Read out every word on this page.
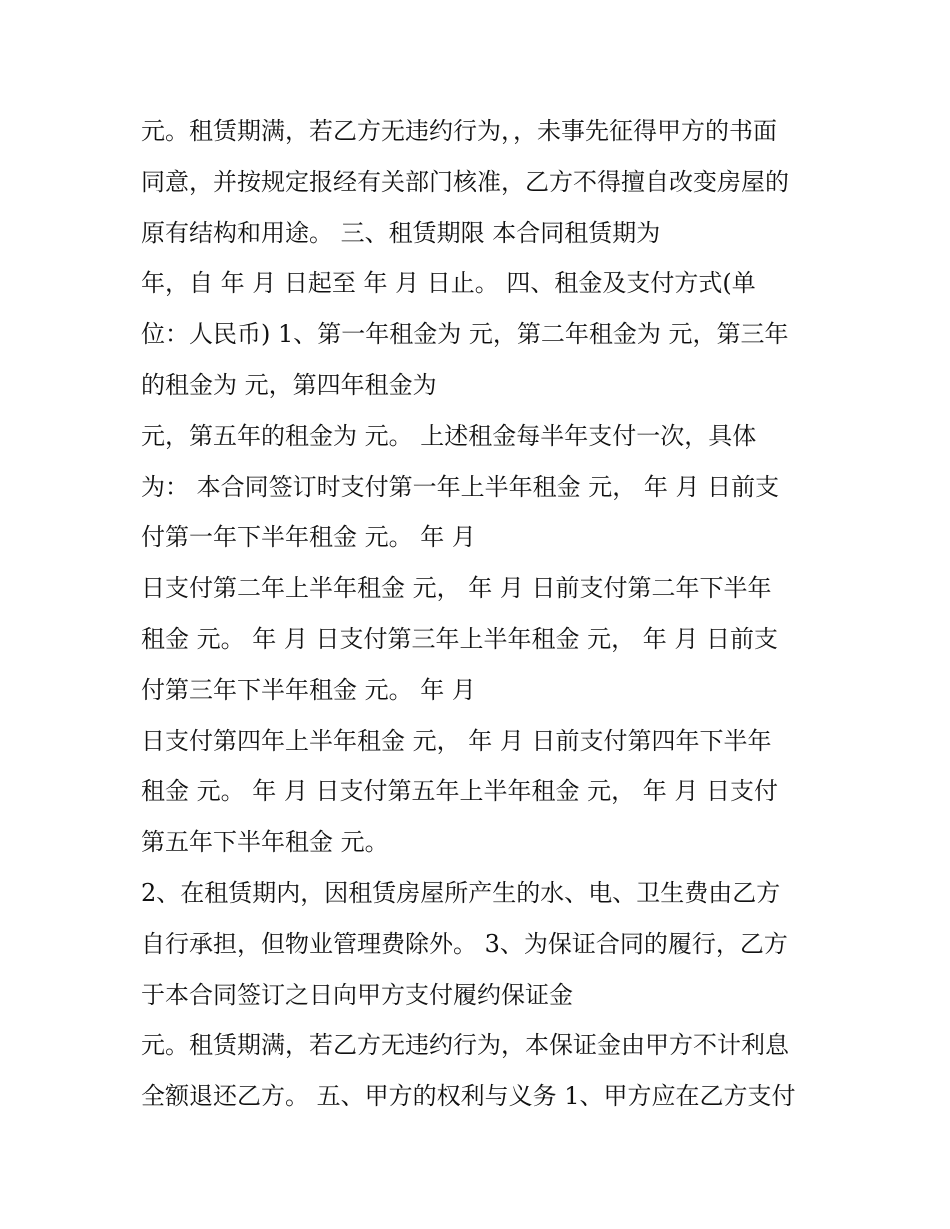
元。租赁期满，若乙方无违约行为，，未事先征得甲方的书面
同意，并按规定报经有关部门核准，乙方不得擅自改变房屋的
原有结构和用途。 三、租赁期限 本合同租赁期为
年，自 年 月 日起至 年 月 日止。 四、租金及支付方式(单
位：人民币) 1、第一年租金为 元，第二年租金为 元，第三年
的租金为 元，第四年租金为
元，第五年的租金为 元。 上述租金每半年支付一次，具体
为： 本合同签订时支付第一年上半年租金 元， 年 月 日前支
付第一年下半年租金 元。 年 月
日支付第二年上半年租金 元， 年 月 日前支付第二年下半年
租金 元。 年 月 日支付第三年上半年租金 元， 年 月 日前支
付第三年下半年租金 元。 年 月
日支付第四年上半年租金 元， 年 月 日前支付第四年下半年
租金 元。 年 月 日支付第五年上半年租金 元， 年 月 日支付
第五年下半年租金 元。
2、在租赁期内，因租赁房屋所产生的水、电、卫生费由乙方
自行承担，但物业管理费除外。 3、为保证合同的履行，乙方
于本合同签订之日向甲方支付履约保证金
元。租赁期满，若乙方无违约行为，本保证金由甲方不计利息
全额退还乙方。 五、甲方的权利与义务 1、甲方应在乙方支付
